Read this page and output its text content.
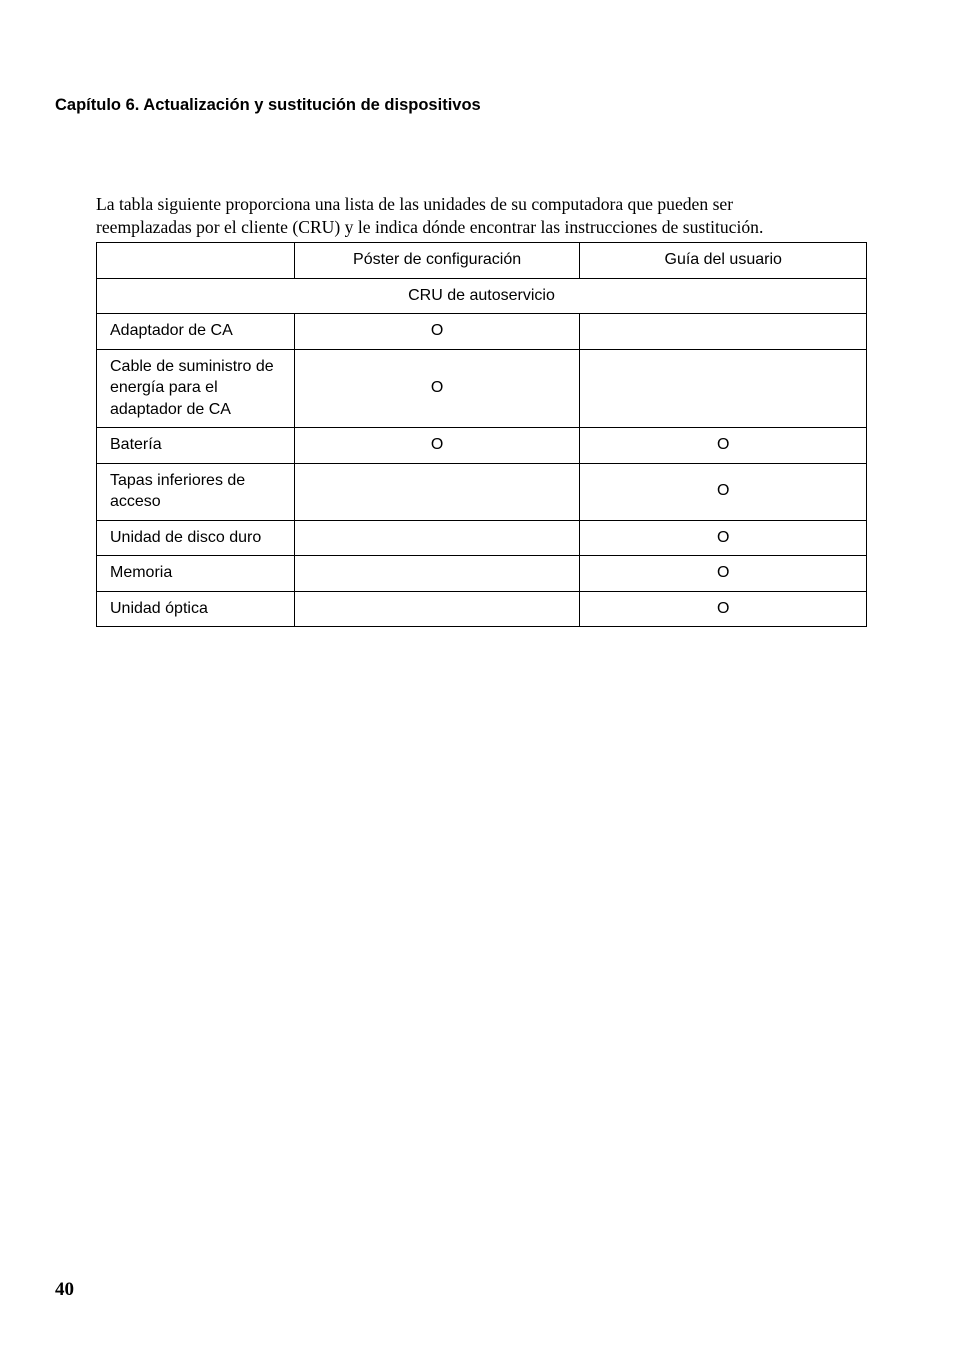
Capítulo 6. Actualización y sustitución de dispositivos

La tabla siguiente proporciona una lista de las unidades de su computadora que pueden ser
reemplazadas por el cliente (CRU) y le indica dónde encontrar las instrucciones de sustitución.

	Póster de configuración	Guía del usuario
CRU de autoservicio		
Adaptador de CA	O	
Cable de suministro de energía para el adaptador de CA	O	
Batería	O	O
Tapas inferiores de acceso		O
Unidad de disco duro		O
Memoria		O
Unidad óptica		O

40
